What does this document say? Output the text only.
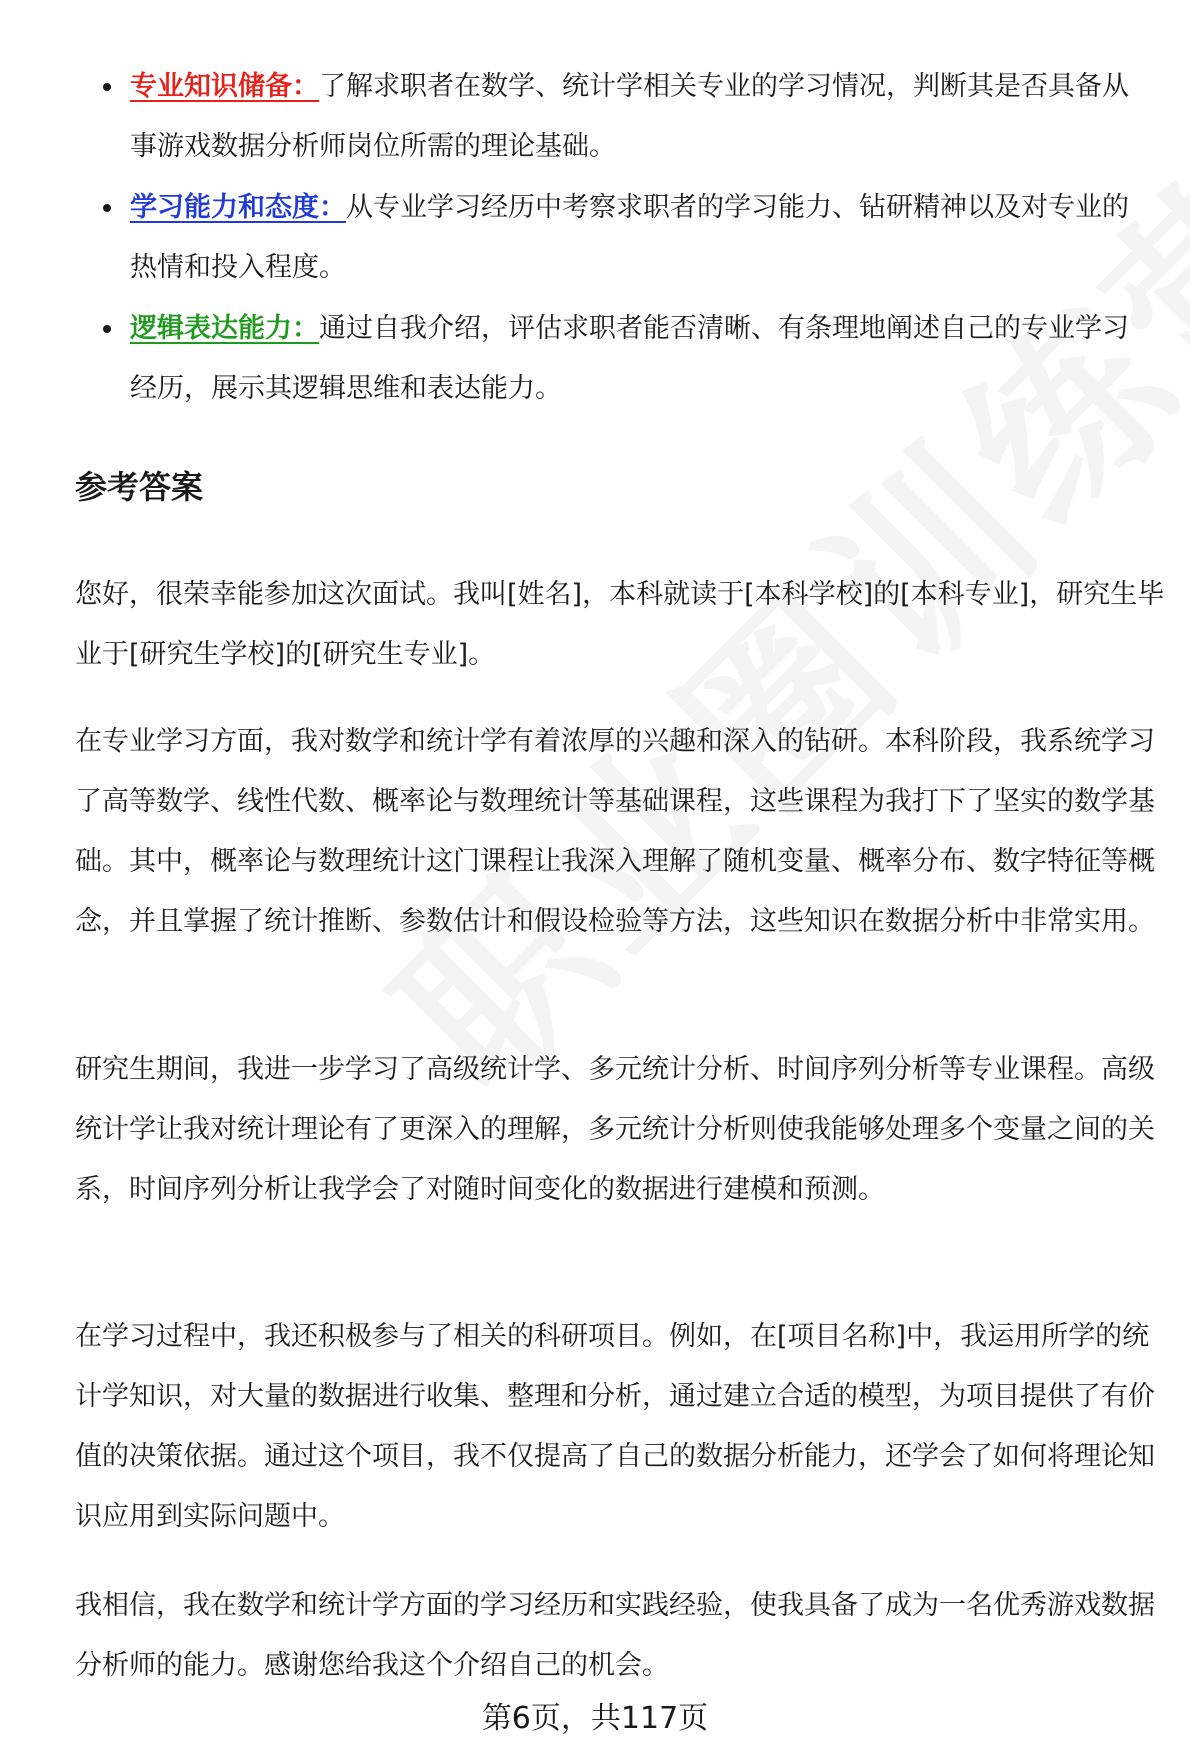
专业知识储备：了解求职者在数学、统计学相关专业的学习情况，判断其是否具备从事游戏数据分析师岗位所需的理论基础。
学习能力和态度：从专业学习经历中考察求职者的学习能力、钻研精神以及对专业的热情和投入程度。
逻辑表达能力：通过自我介绍，评估求职者能否清晰、有条理地阐述自己的专业学习经历，展示其逻辑思维和表达能力。
参考答案

您好，很荣幸能参加这次面试。我叫[姓名]，本科就读于[本科学校]的[本科专业]，研究生毕业于[研究生学校]的[研究生专业]。

在专业学习方面，我对数学和统计学有着浓厚的兴趣和深入的钻研。本科阶段，我系统学习了高等数学、线性代数、概率论与数理统计等基础课程，这些课程为我打下了坚实的数学基础。其中，概率论与数理统计这门课程让我深入理解了随机变量、概率分布、数字特征等概念，并且掌握了统计推断、参数估计和假设检验等方法，这些知识在数据分析中非常实用。

研究生期间，我进一步学习了高级统计学、多元统计分析、时间序列分析等专业课程。高级统计学让我对统计理论有了更深入的理解，多元统计分析则使我能够处理多个变量之间的关系，时间序列分析让我学会了对随时间变化的数据进行建模和预测。

在学习过程中，我还积极参与了相关的科研项目。例如，在[项目名称]中，我运用所学的统计学知识，对大量的数据进行收集、整理和分析，通过建立合适的模型，为项目提供了有价值的决策依据。通过这个项目，我不仅提高了自己的数据分析能力，还学会了如何将理论知识应用到实际问题中。

我相信，我在数学和统计学方面的学习经历和实践经验，使我具备了成为一名优秀游戏数据分析师的能力。感谢您给我这个介绍自己的机会。

第6页，共117页
